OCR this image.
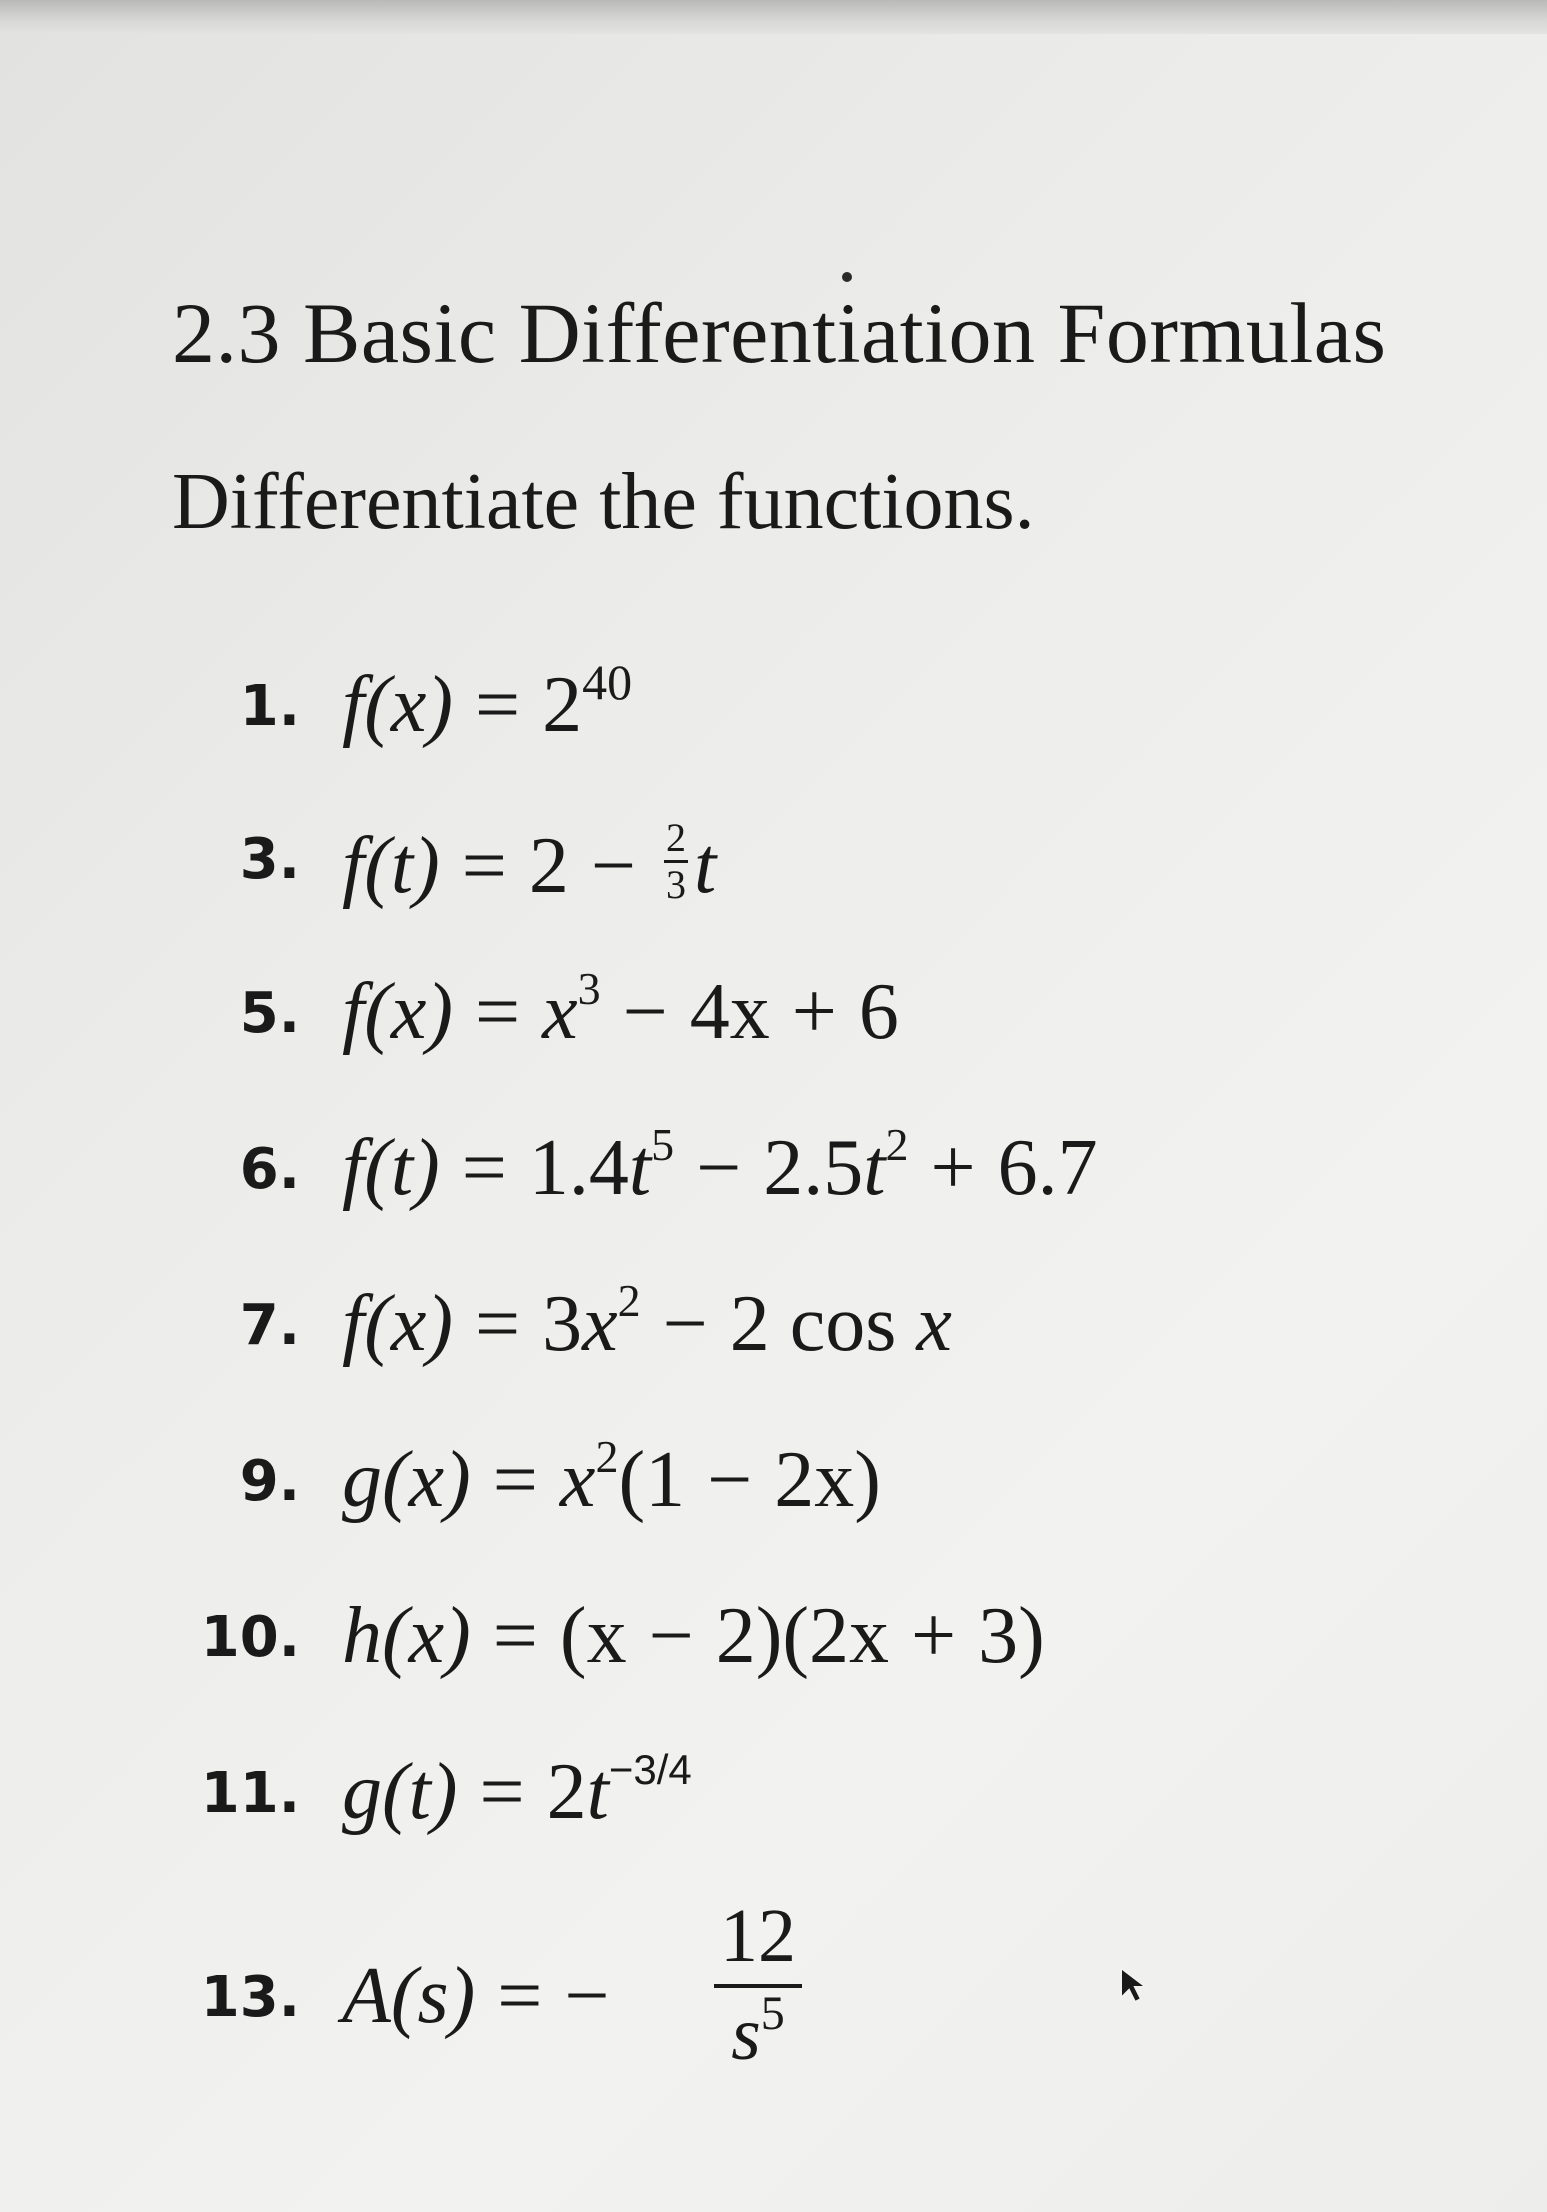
2.3 Basic Differentiation Formulas
Differentiate the functions.
1. $f(x) = 2^{40}$
3. $f(t) = 2 - \frac{2}{3}$ t
5. $f(x) = x^3 - 4x + 6$
6. $f(t) = 1.4t^5 - 2.5t^2 + 6.7$
7. $f(x) = 3x^2 - 2$ cos x
9. $g(x) = x^2(1 - 2x)$
10. h(x) = (x − 2)(2x + 3)
11. $g(t) = 2t^{-3/4}$
13. A(s) = − $\frac{12}{s^5}$
